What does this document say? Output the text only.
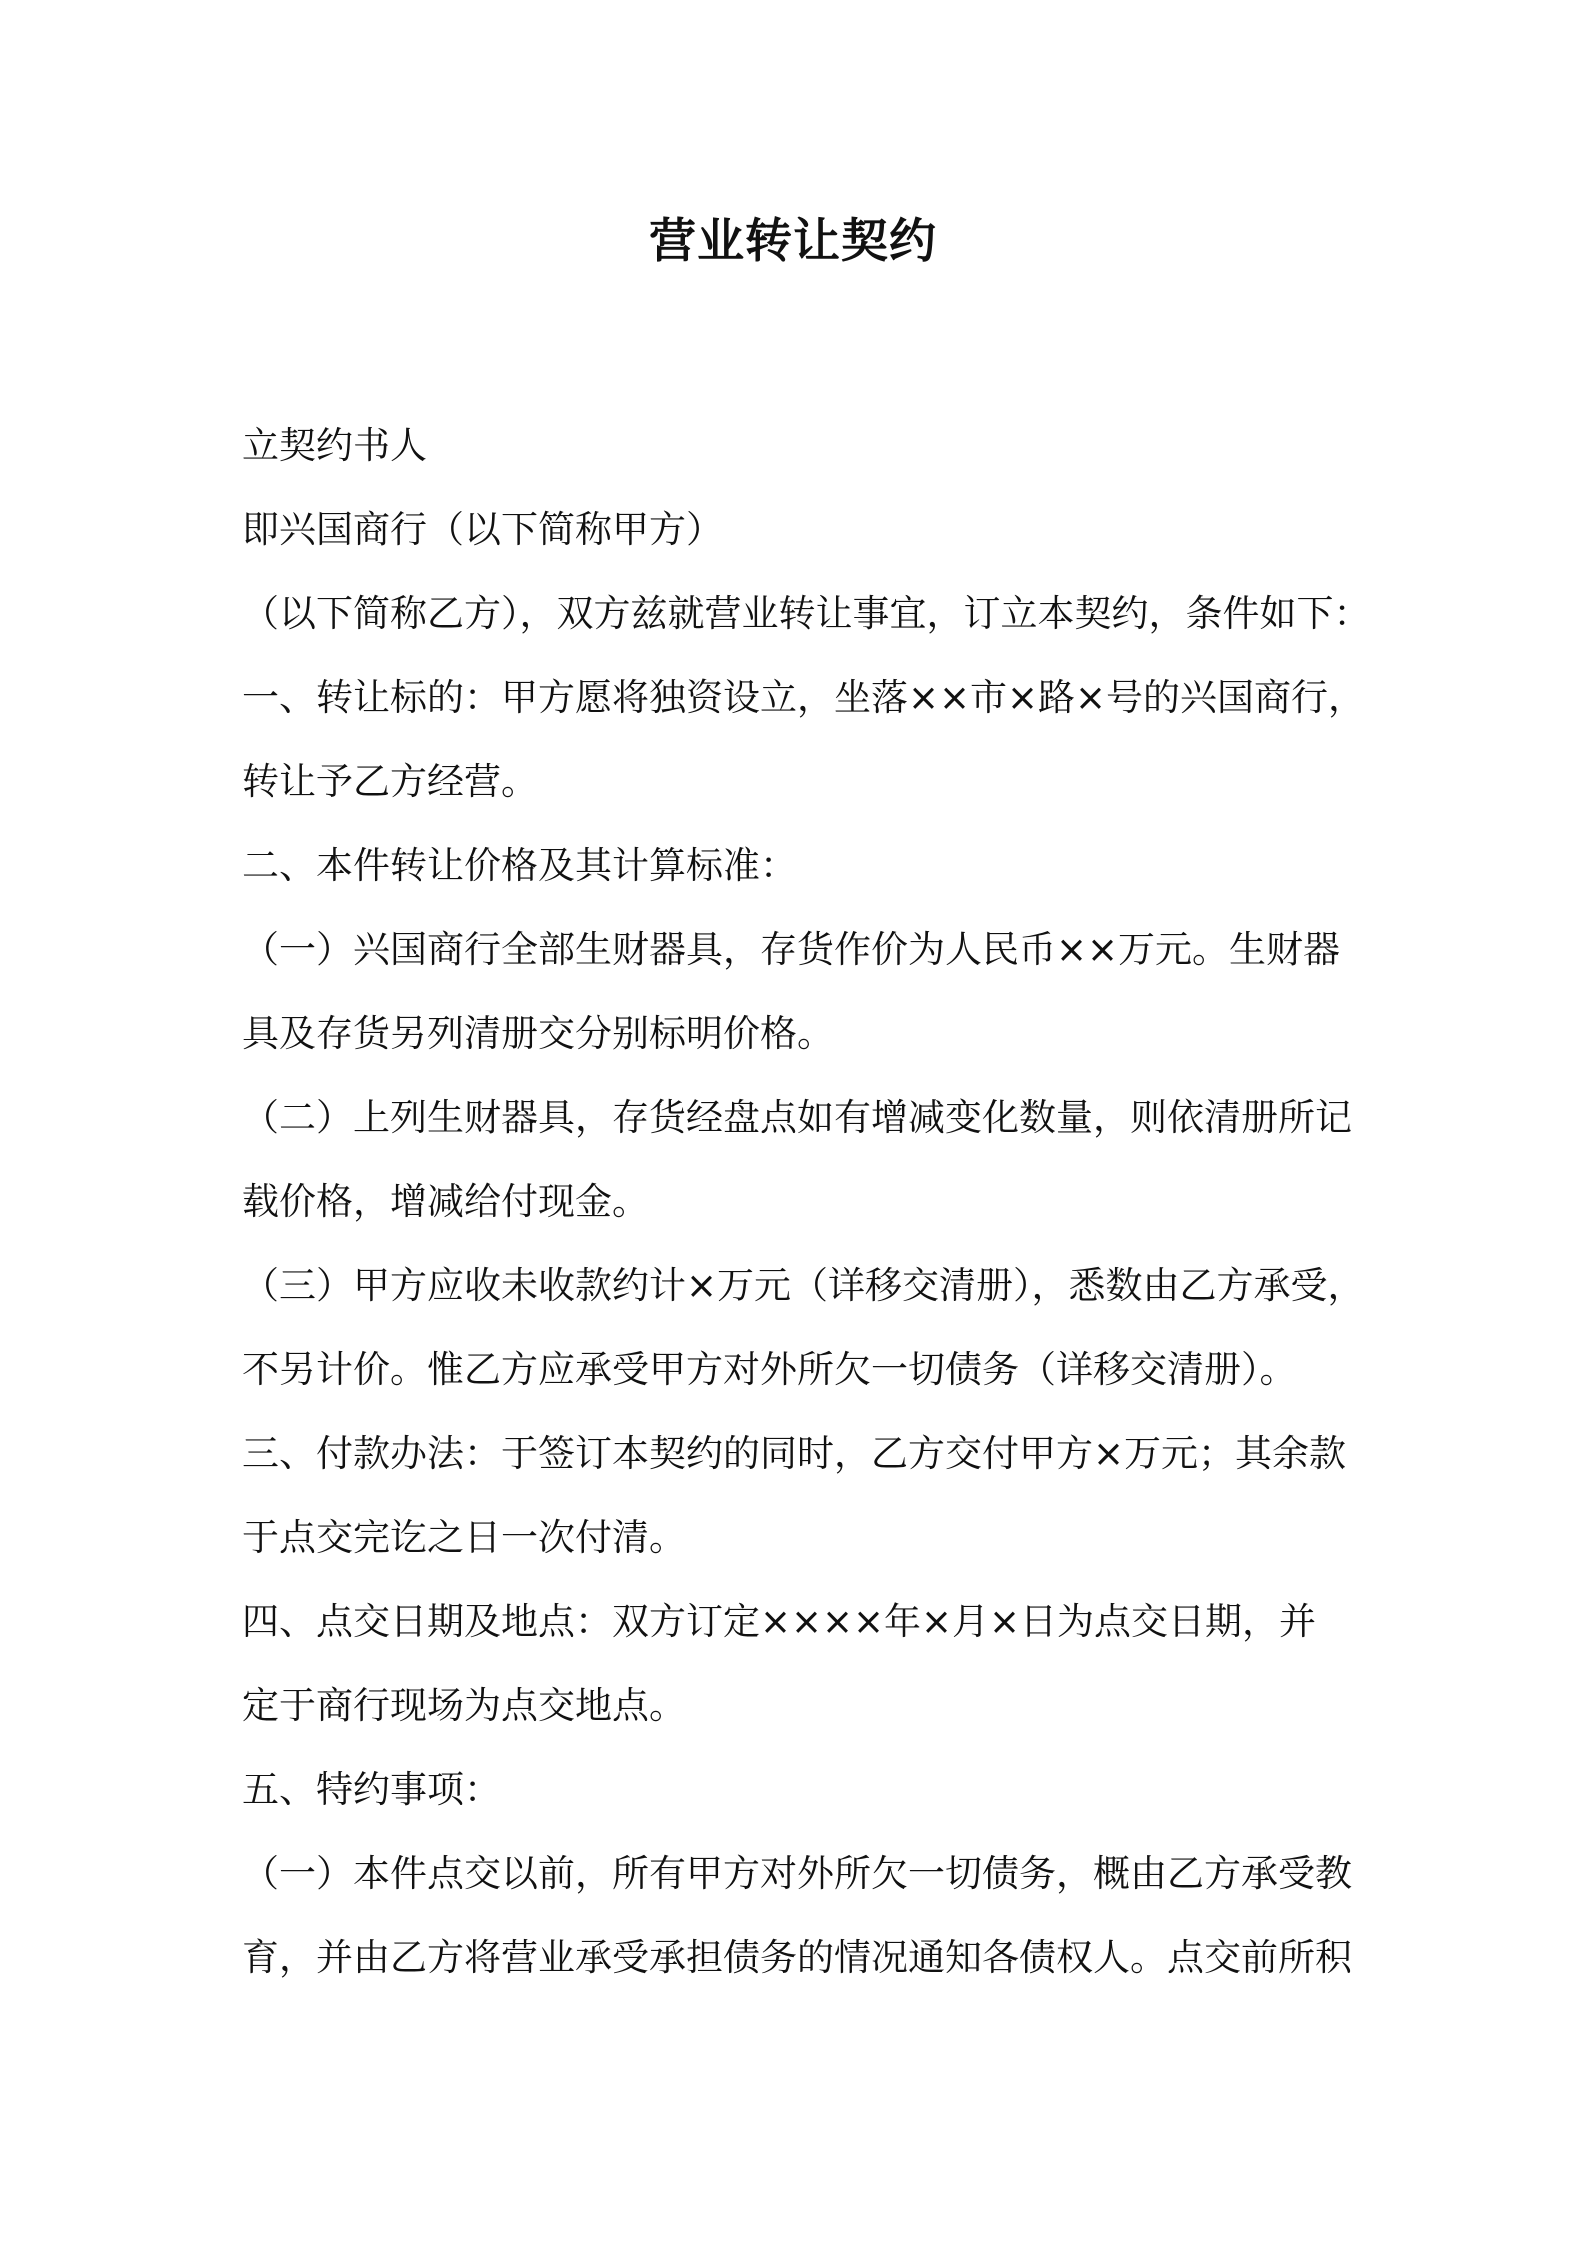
营业转让契约
立契约书人
即兴国商行（以下简称甲方）
（以下简称乙方），双方兹就营业转让事宜，订立本契约，条件如下：
一、转让标的：甲方愿将独资设立，坐落××市×路×号的兴国商行，
转让予乙方经营。
二、本件转让价格及其计算标准：
（一）兴国商行全部生财器具，存货作价为人民币××万元。生财器
具及存货另列清册交分别标明价格。
（二）上列生财器具，存货经盘点如有增减变化数量，则依清册所记
载价格，增减给付现金。
（三）甲方应收未收款约计×万元（详移交清册），悉数由乙方承受，
不另计价。惟乙方应承受甲方对外所欠一切债务（详移交清册）。
三、付款办法：于签订本契约的同时，乙方交付甲方×万元；其余款
于点交完讫之日一次付清。
四、点交日期及地点：双方订定××××年×月×日为点交日期，并
定于商行现场为点交地点。
五、特约事项：
（一）本件点交以前，所有甲方对外所欠一切债务，概由乙方承受教
育，并由乙方将营业承受承担债务的情况通知各债权人。点交前所积
